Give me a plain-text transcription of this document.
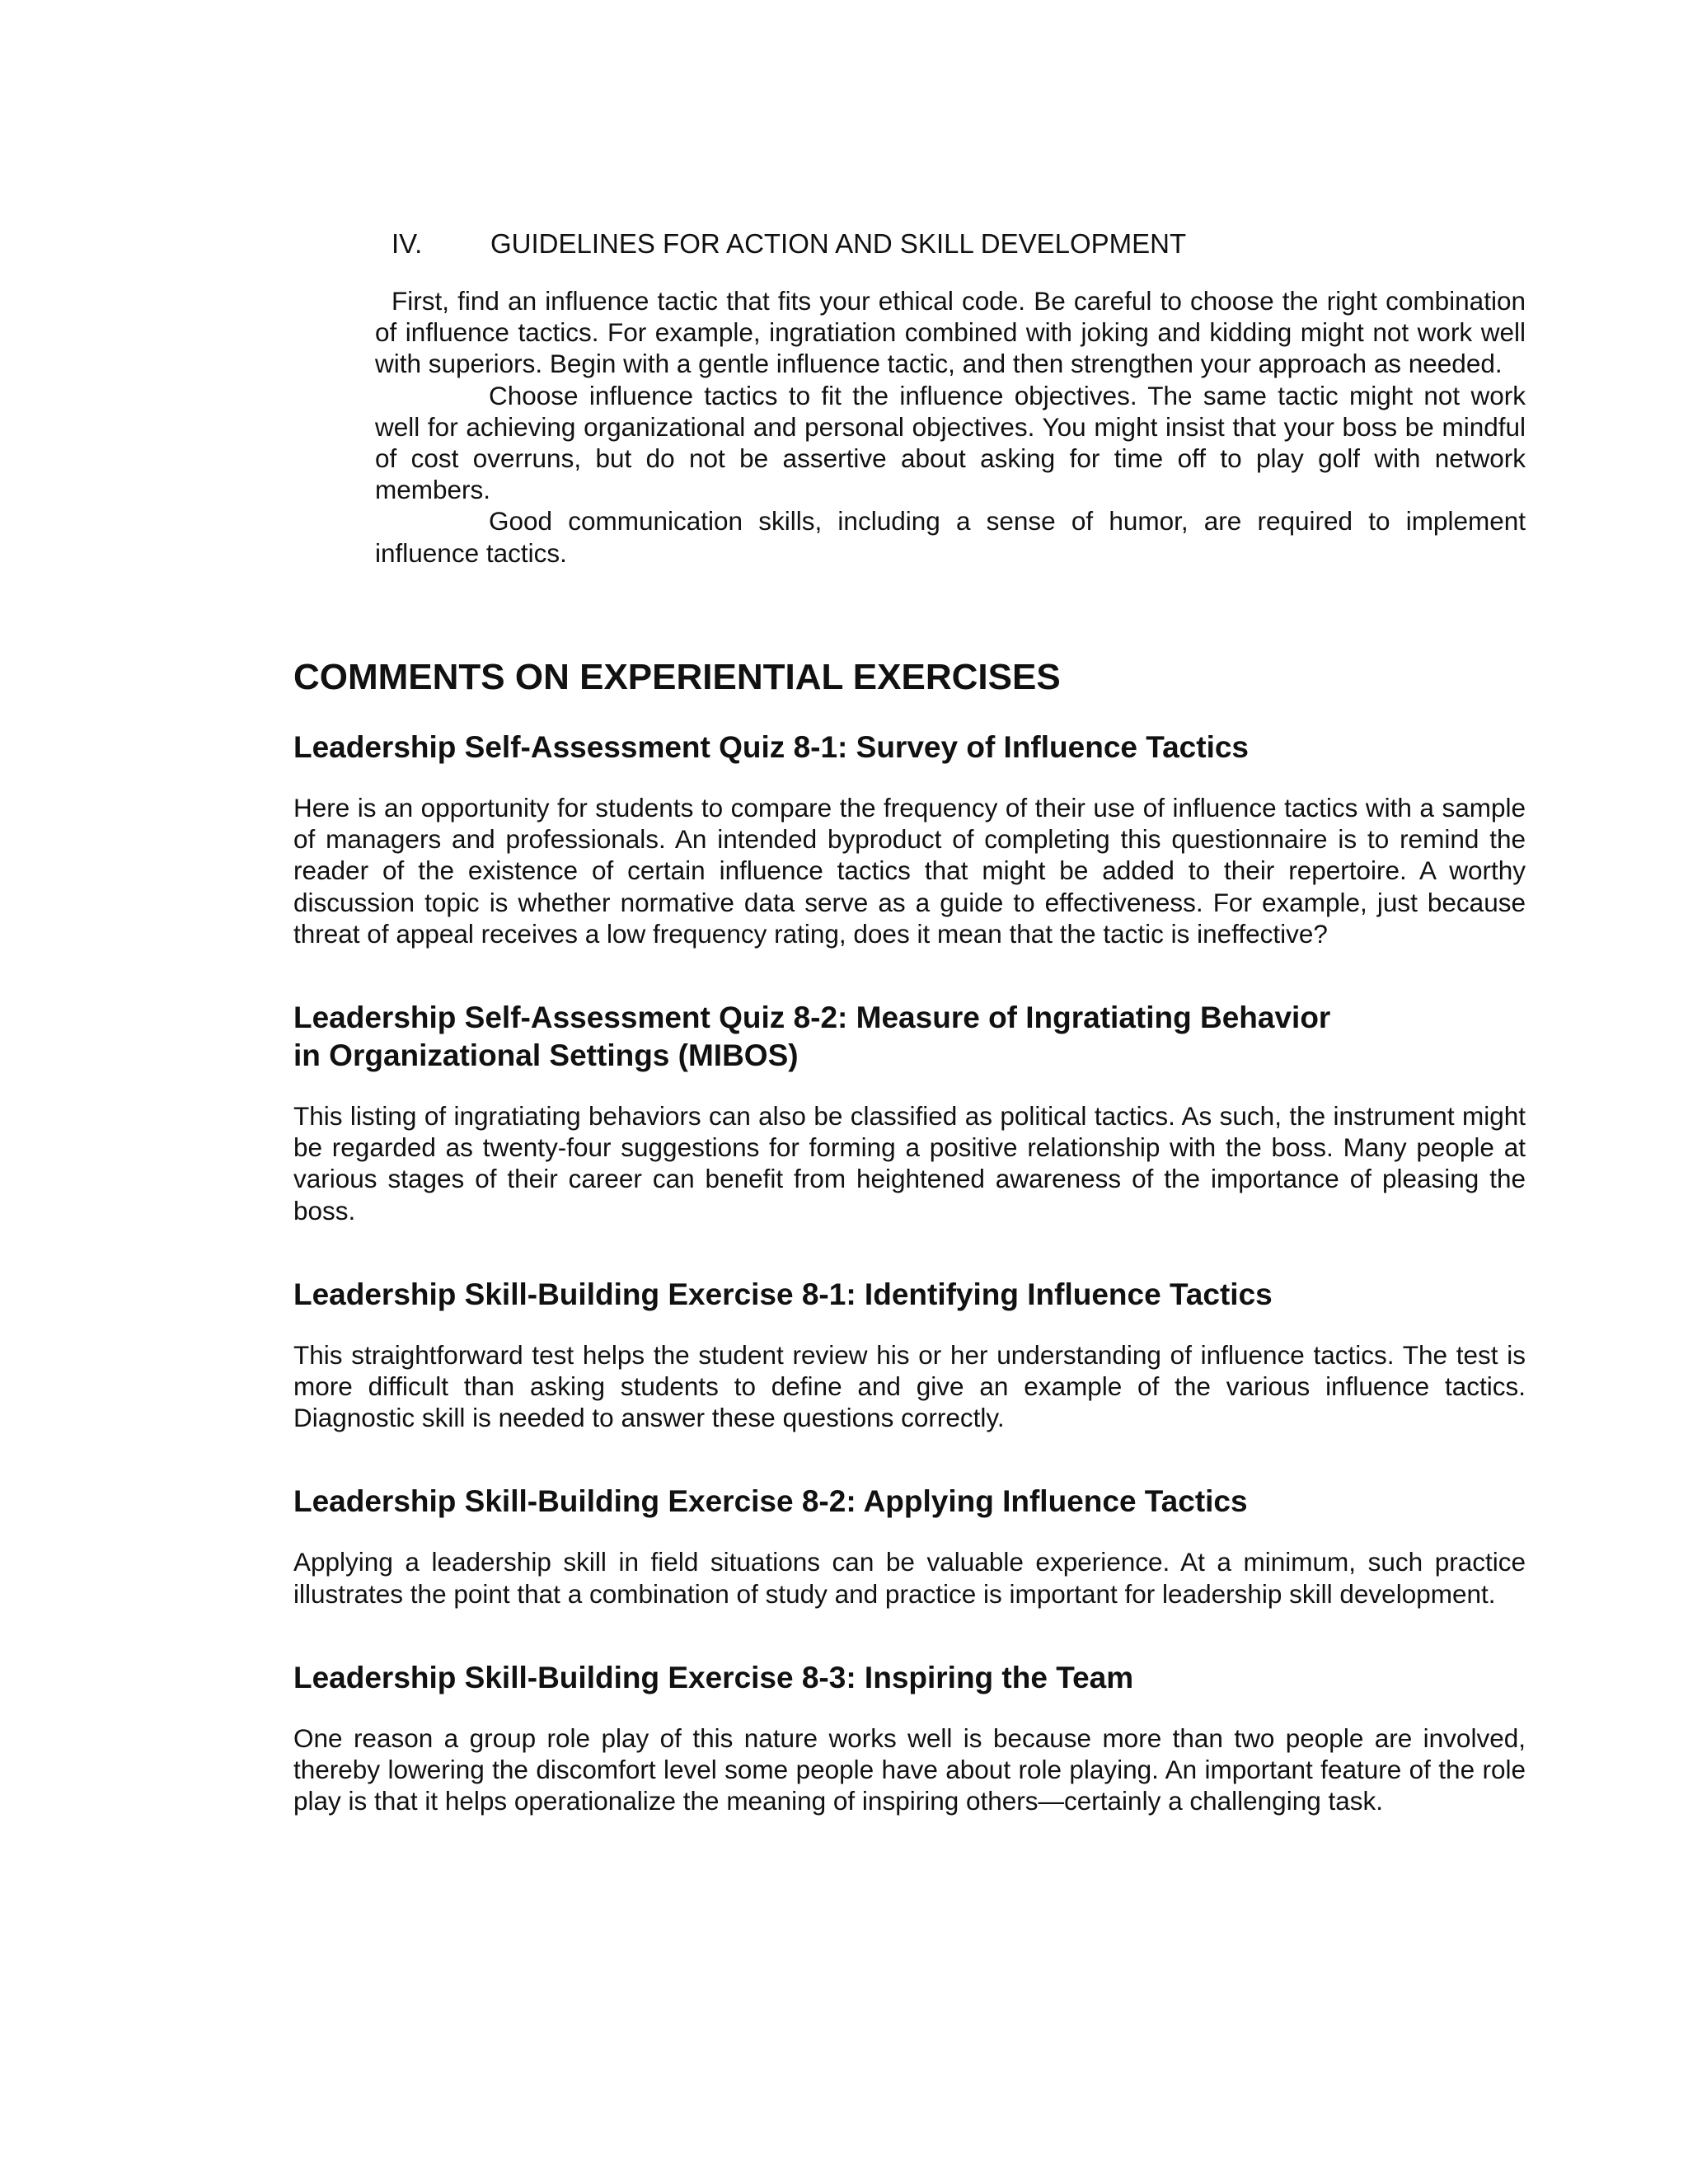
IV.	GUIDELINES FOR ACTION AND SKILL DEVELOPMENT

First, find an influence tactic that fits your ethical code. Be careful to choose the right combination of influence tactics. For example, ingratiation combined with joking and kidding might not work well with superiors. Begin with a gentle influence tactic, and then strengthen your approach as needed.

Choose influence tactics to fit the influence objectives. The same tactic might not work well for achieving organizational and personal objectives. You might insist that your boss be mindful of cost overruns, but do not be assertive about asking for time off to play golf with network members.

Good communication skills, including a sense of humor, are required to implement influence tactics.

COMMENTS ON EXPERIENTIAL EXERCISES
Leadership Self-Assessment Quiz 8-1: Survey of Influence Tactics

Here is an opportunity for students to compare the frequency of their use of influence tactics with a sample of managers and professionals. An intended byproduct of completing this questionnaire is to remind the reader of the existence of certain influence tactics that might be added to their repertoire. A worthy discussion topic is whether normative data serve as a guide to effectiveness. For example, just because threat of appeal receives a low frequency rating, does it mean that the tactic is ineffective?

Leadership Self-Assessment Quiz 8-2: Measure of Ingratiating Behavior
in Organizational Settings (MIBOS)

This listing of ingratiating behaviors can also be classified as political tactics. As such, the instrument might be regarded as twenty-four suggestions for forming a positive relationship with the boss. Many people at various stages of their career can benefit from heightened awareness of the importance of pleasing the boss.

Leadership Skill-Building Exercise 8-1: Identifying Influence Tactics

This straightforward test helps the student review his or her understanding of influence tactics. The test is more difficult than asking students to define and give an example of the various influence tactics. Diagnostic skill is needed to answer these questions correctly.

Leadership Skill-Building Exercise 8-2: Applying Influence Tactics

Applying a leadership skill in field situations can be valuable experience. At a minimum, such practice illustrates the point that a combination of study and practice is important for leadership skill development.

Leadership Skill-Building Exercise 8-3: Inspiring the Team

One reason a group role play of this nature works well is because more than two people are involved, thereby lowering the discomfort level some people have about role playing. An important feature of the role play is that it helps operationalize the meaning of inspiring others—certainly a challenging task.
